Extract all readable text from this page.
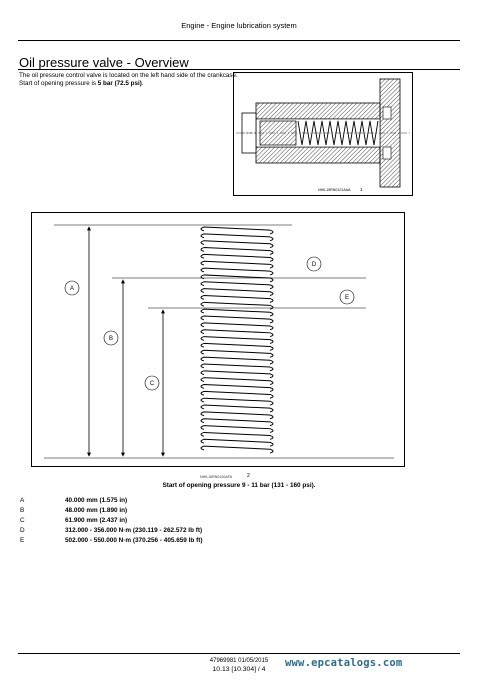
Engine - Engine lubrication system
Oil pressure valve - Overview
The oil pressure control valve is located on the left hand side of the crankcase. Start of opening pressure is 5 bar (72.5 psi).
NHIL15RN0121AAA 1
A
B
C
D
E
NHIL15RN0120AFA	2
Start of opening pressure 9 - 11 bar (131 - 160 psi).
A	40.000 mm (1.575 in)
B	48.000 mm (1.890 in)
C	61.900 mm (2.437 in)
D	312.000 - 356.000 N·m (230.119 - 262.572 lb ft)
E	502.000 - 550.000 N·m (370.256 - 405.659 lb ft)
47969981 01/05/2015
10.13 [10.304] / 4
www.epcatalogs.com
